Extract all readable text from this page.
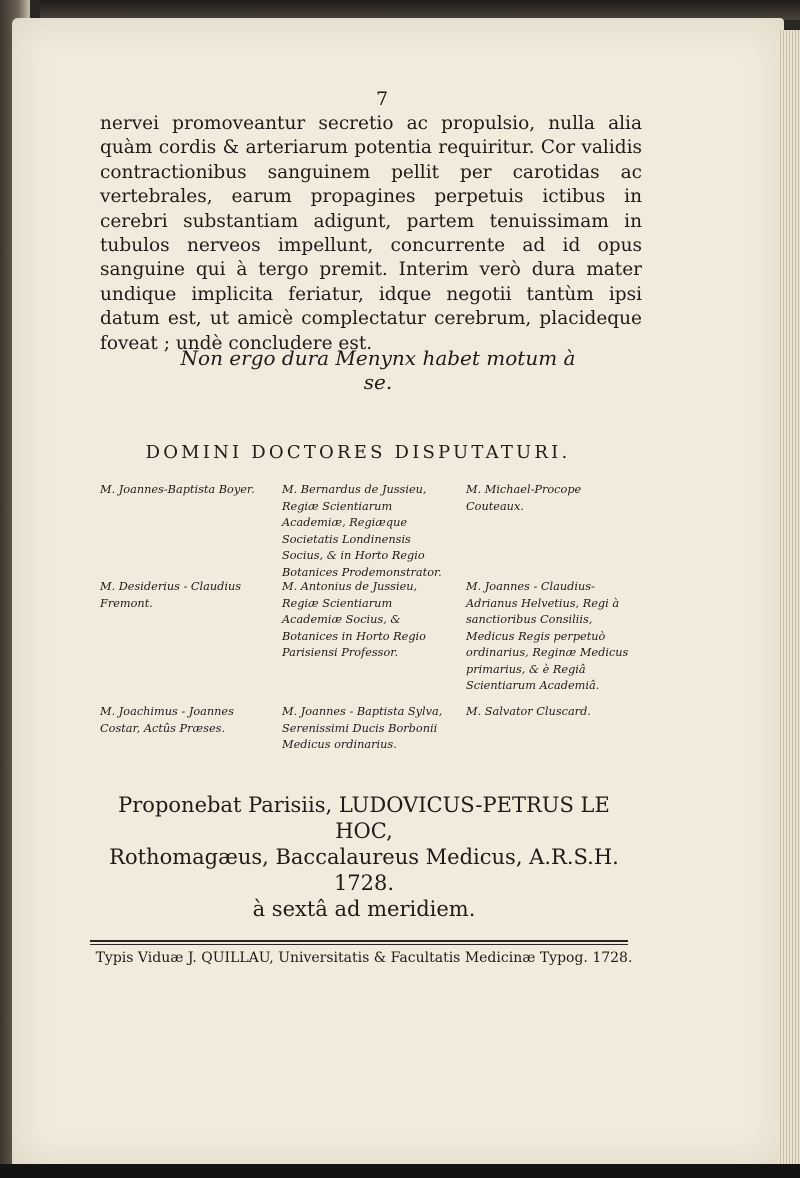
7
nervei promoveantur secretio ac propulsio, nulla alia quàm cordis & arteriarum potentia requiritur. Cor validis contractionibus sanguinem pellit per carotidas ac vertebrales, earum propagines perpetuis ictibus in cerebri substantiam adigunt, partem tenuissimam in tubulos nerveos impellunt, concurrente ad id opus sanguine qui à tergo premit. Interim verò dura mater undique implicita feriatur, idque negotii tantùm ipsi datum est, ut amicè complectatur cerebrum, placideque foveat ; undè concludere est.
Non ergo dura Menynx habet motum à se.
DOMINI DOCTORES DISPUTATURI.
M. Joannes-Baptista Boyer.	M. Bernardus de Jussieu, Regiæ Scientiarum Academiæ, Regiæque Societatis Londinensis Socius, & in Horto Regio Botanices Prodemonstrator.
M. Michael-Procope Couteaux.
M. Desiderius - Claudius Fremont.
M. Antonius de Jussieu, Regiæ Scientiarum Academiæ Socius, & Botanices in Horto Regio Parisiensi Professor.
M. Joannes - Claudius-Adrianus Helvetius, Regi à sanctioribus Consiliis, Medicus Regis perpetuò ordinarius, Reginæ Medicus primarius, & è Regiâ Scientiarum Academiâ.
M. Joachimus - Joannes Costar, Actûs Præses.
M. Joannes - Baptista Sylva, Serenissimi Ducis Borbonii Medicus ordinarius.
M. Salvator Cluscard.
Proponebat Parisiis, LUDOVICUS-PETRUS LE HOC,
Rothomagæus, Baccalaureus Medicus, A.R.S.H. 1728.
à sextâ ad meridiem.
Typis Viduæ J. QUILLAU, Universitatis & Facultatis Medicinæ Typog. 1728.
